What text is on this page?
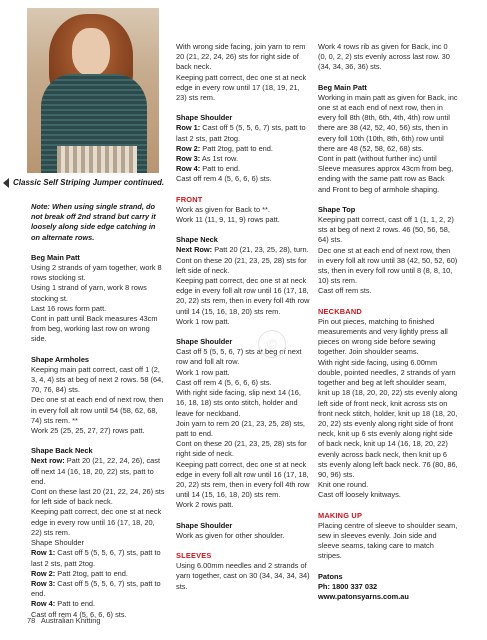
Classic Self Striping Jumper continued.

Note: When using single strand, do not break off 2nd strand but carry it loosely along side edge catching in on alternate rows.

Beg Main Patt

Using 2 strands of yarn together, work 8 rows stocking st.

Using 1 strand of yarn, work 8 rows stocking st.

Last 16 rows form patt.

Cont in patt until Back measures 43cm from beg, working last row on wrong side.

Shape Armholes

Keeping main patt correct, cast off 1 (2, 3, 4, 4) sts at beg of next 2 rows. 58 (64, 70, 76, 84) sts.

Dec one st at each end of next row, then in every foll alt row until 54 (58, 62, 68, 74) sts rem. **

Work 25 (25, 25, 27, 27) rows patt.

Shape Back Neck

Next row: Patt 20 (21, 22, 24, 26), cast off next 14 (16, 18, 20, 22) sts, patt to end.

Cont on these last 20 (21, 22, 24, 26) sts for left side of back neck.

Keeping patt correct, dec one st at neck edge in every row until 16 (17, 18, 20, 22) sts rem.

Shape Shoulder

Row 1: Cast off 5 (5, 5, 6, 7) sts, patt to last 2 sts, patt 2tog.

Row 2: Patt 2tog, patt to end.

Row 3: Cast off 5 (5, 5, 6, 7) sts, patt to end.

Row 4: Patt to end.

Cast off rem 4 (5, 6, 6, 6) sts.

With wrong side facing, join yarn to rem 20 (21, 22, 24, 26) sts for right side of back neck.

Keeping patt correct, dec one st at neck edge in every row until 17 (18, 19, 21, 23) sts rem.

Shape Shoulder

Row 1: Cast off 5 (5, 5, 6, 7) sts, patt to last 2 sts, patt 2tog.

Row 2: Patt 2tog, patt to end.

Row 3: As 1st row.

Row 4: Patt to end.

Cast off rem 4 (5, 6, 6, 6) sts.

FRONT

Work as given for Back to **.

Work 11 (11, 9, 11, 9) rows patt.

Shape Neck

Next Row: Patt 20 (21, 23, 25, 28), turn.

Cont on these 20 (21, 23, 25, 28) sts for left side of neck.

Keeping patt correct, dec one st at neck edge in every foll alt row until 16 (17, 18, 20, 22) sts rem, then in every foll 4th row until 14 (15, 16, 18, 20) sts rem.

Work 1 row patt.

Shape Shoulder

Cast off 5 (5, 5, 6, 7) sts at beg of next row and foll alt row.

Work 1 row patt.

Cast off rem 4 (5, 6, 6, 6) sts.

With right side facing, slip next 14 (16, 16, 18, 18) sts onto stitch, holder and leave for neckband.

Join yarn to rem 20 (21, 23, 25, 28) sts, patt to end.

Cont on these 20 (21, 23, 25, 28) sts for right side of neck.

Keeping patt correct, dec one st at neck edge in every foll alt row until 16 (17, 18, 20, 22) sts rem, then in every foll 4th row until 14 (15, 16, 18, 20) sts rem.

Work 2 rows patt.

Shape Shoulder

Work as given for other shoulder.

SLEEVES

Using 6.00mm needles and 2 strands of yarn together, cast on 30 (34, 34, 34, 34) sts.

©

Work 4 rows rib as given for Back, inc 0 (0, 0, 2, 2) sts evenly across last row. 30 (34, 34, 36, 36) sts.

Beg Main Patt

Working in main patt as given for Back, inc one st at each end of next row, then in every foll 8th (8th, 6th, 4th, 4th) row until there are 38 (42, 52, 40, 56) sts, then in every foll 10th (10th, 8th, 6th) row until there are 48 (52, 58, 62, 68) sts.

Cont in patt (without further inc) until Sleeve measures approx 43cm from beg, ending with the same patt row as Back and Front to beg of armhole shaping.

Shape Top

Keeping patt correct, cast off 1 (1, 1, 2, 2) sts at beg of next 2 rows. 46 (50, 56, 58, 64) sts.

Dec one st at each end of next row, then in every foll alt row until 38 (42, 50, 52, 60) sts, then in every foll row until 8 (8, 8, 10, 10) sts rem.

Cast off rem sts.

NECKBAND

Pin out pieces, matching to finished measurements and very lightly press all pieces on wrong side before sewing together. Join shoulder seams.

With right side facing, using 6.00mm double, pointed needles, 2 strands of yarn together and beg at left shoulder seam, knit up 18 (18, 20, 20, 22) sts evenly along left side of front neck, knit across sts on front neck stitch, holder, knit up 18 (18, 20, 20, 22) sts evenly along right side of front neck, knit up 6 sts evenly along right side of back neck, knit up 14 (16, 18, 20, 22) evenly across back neck, then knit up 6 sts evenly along left back neck. 76 (80, 86, 90, 96) sts.

Knit one round.

Cast off loosely knitways.

MAKING UP

Placing centre of sleeve to shoulder seam, sew in sleeves evenly. Join side and sleeve seams, taking care to match stripes.

Patons

Ph: 1800 337 032

www.patonsyarns.com.au

78 Australian Knitting
